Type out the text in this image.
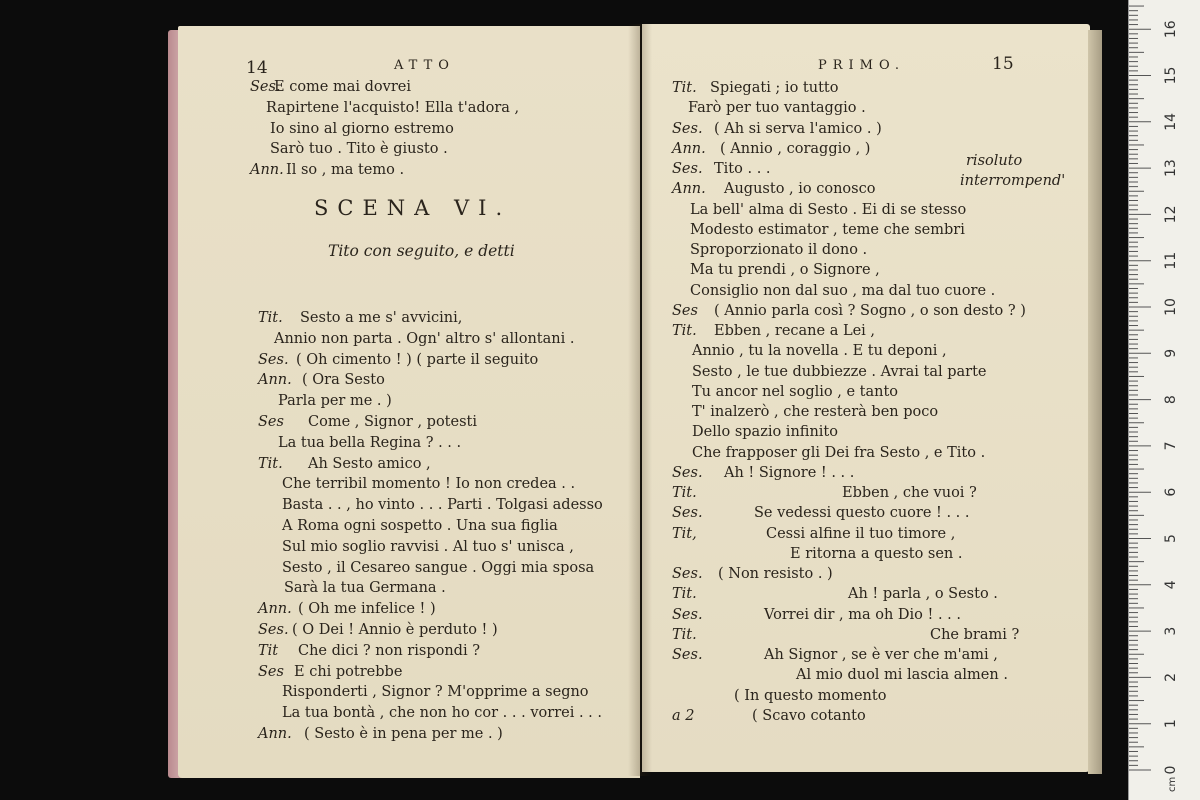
14	ATTO
Ses.
E come mai dovrei
Rapirtene l'acquisto! Ella t'adora ,
Io sino al giorno estremo
Sarò tuo . Tito è giusto .
Ann. Il so , ma temo .
SCENA VI.
Tito con seguito, e detti
Tit. Sesto a me s' avvicini,
Annio non parta . Ogn' altro s' allontani .
Ses. ( Oh cimento ! ) ( parte il seguito
Ann. ( Ora Sesto
Parla per me . )
Ses Come , Signor , potesti
La tua bella Regina ? . . .
Tit. Ah Sesto amico ,
Che terribil momento ! Io non credea . .
Basta . . , ho vinto . . . Parti . Tolgasi adesso
A Roma ogni sospetto . Una sua figlia
Sul mio soglio ravvisi . Al tuo s' unisca ,
Sesto , il Cesareo sangue . Oggi mia sposa
Sarà la tua Germana .
Ann. ( Oh me infelice ! )
Ses. ( O Dei ! Annio è perduto ! )
Tit Che dici ? non rispondi ?
Ses E chi potrebbe
Risponderti , Signor ? M'opprime a segno
La tua bontà , che non ho cor . . . vorrei . . .
Ann. ( Sesto è in pena per me . )
PRIMO.	15
Tit. Spiegati ; io tutto
Farò per tuo vantaggio .
Ses. ( Ah si serva l'amico . )
Ann. ( Annio , coraggio , )
Ses. Tito . . .
Ann. Augusto , io conosco
La bell' alma di Sesto . Ei di se stesso
Modesto estimator , teme che sembri
Sproporzionato il dono .
Ma tu prendi , o Signore ,
Consiglio non dal suo , ma dal tuo cuore .
Ses ( Annio parla così ? Sogno , o son desto ? )
Tit. Ebben , recane a Lei ,
Annio , tu la novella . E tu deponi ,
Sesto , le tue dubbiezze . Avrai tal parte
Tu ancor nel soglio , e tanto
T' inalzerò , che resterà ben poco
Dello spazio infinito
Che frapposer gli Dei fra Sesto , e Tito .
Ses. Ah ! Signore ! . . .
Tit.	Ebben , che vuoi ?
Ses.	Se vedessi questo cuore ! . . .
Tit,	Cessi alfine il tuo timore ,
E ritorna a questo sen .
Ses. ( Non resisto . )
Tit.	Ah ! parla , o Sesto .
Ses.	Vorrei dir , ma oh Dio ! . . .
Tit.	Che brami ?
Ses.	Ah Signor , se è ver che m'ami ,
Al mio duol mi lascia almen .
( In questo momento
a 2	( Scavo cotanto
risoluto
interrompend'
0
1
2
3
4
5
6
7
8
9
10
11
12
13
14
15
16
cm
